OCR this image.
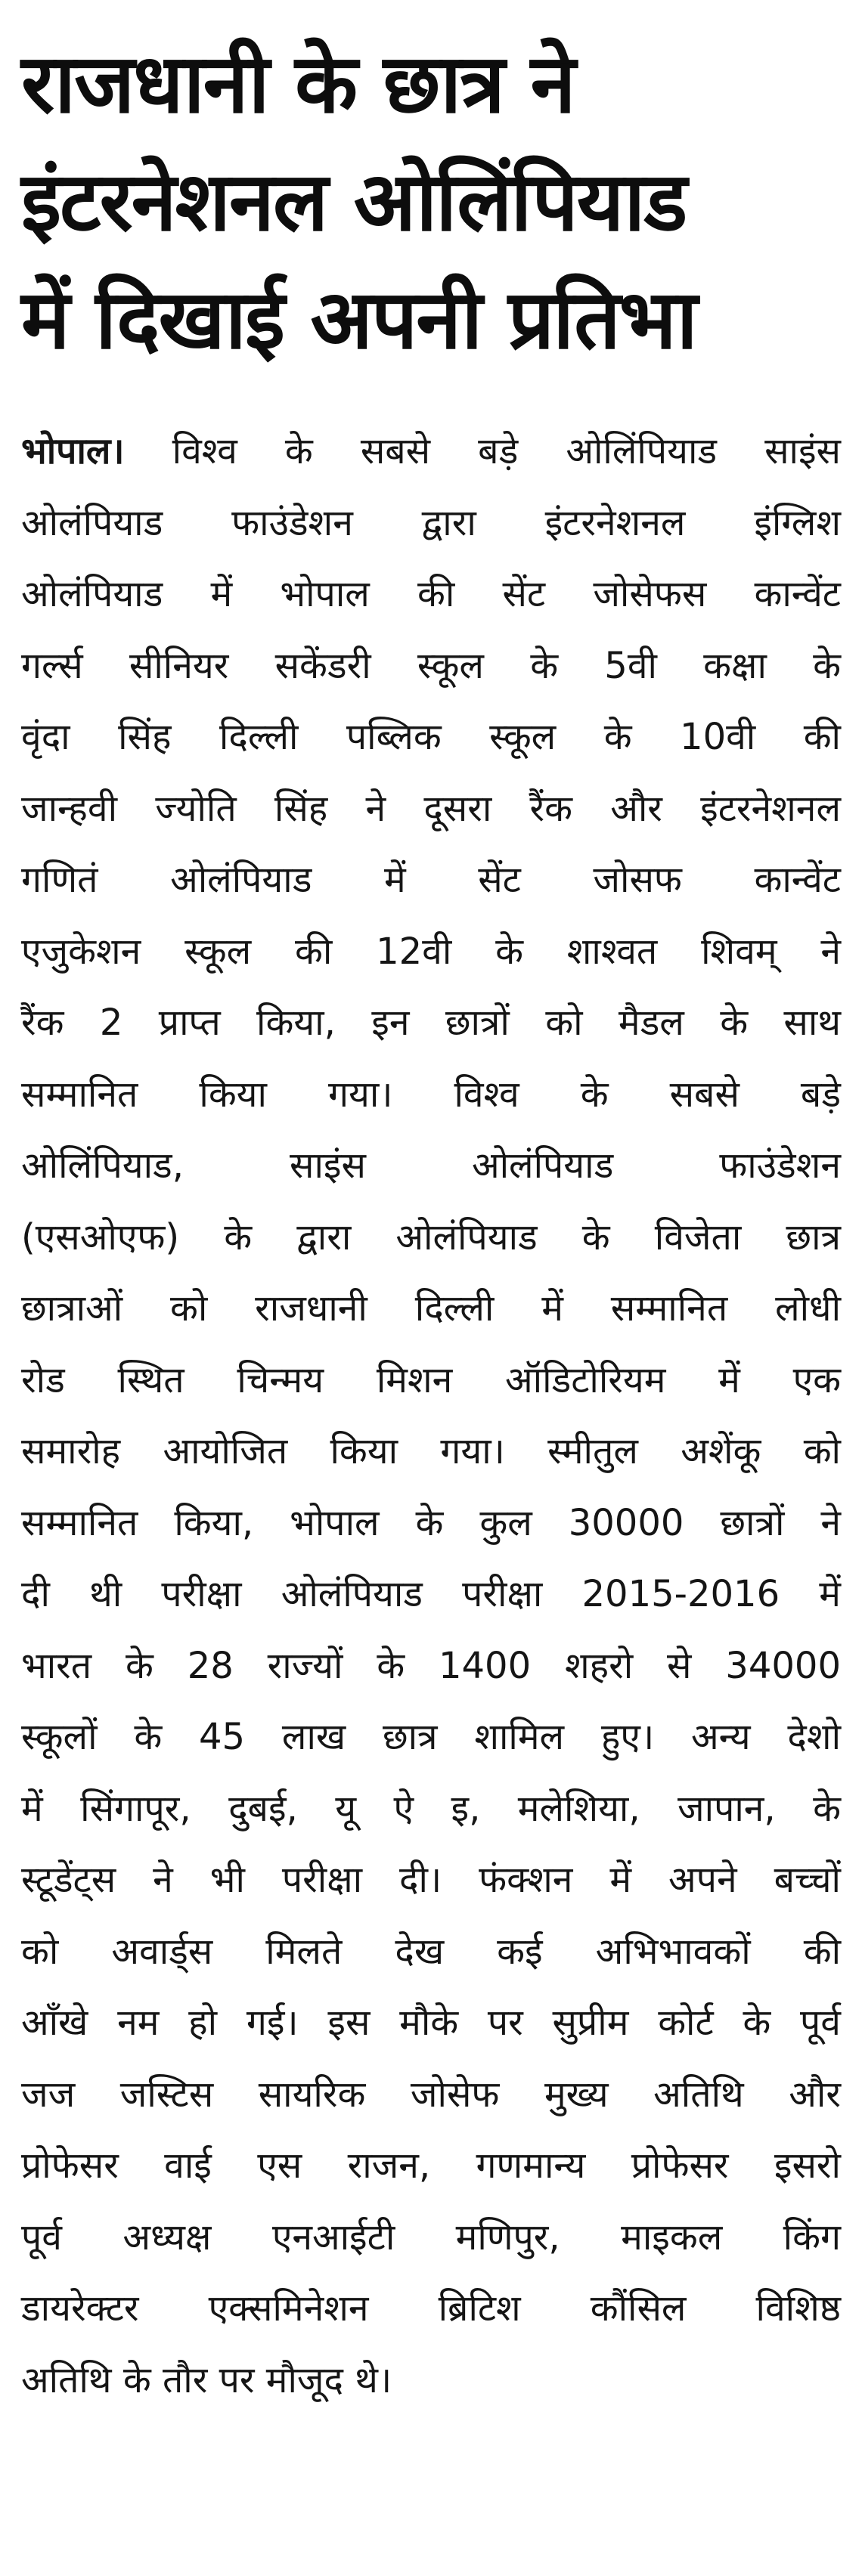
राजधानी के छात्र ने
इंटरनेशनल ओलिंपियाड
में दिखाई अपनी प्रतिभा
भोपाल। विश्व के सबसे बड़े ओलिंपियाड साइंस
ओलंपियाड फाउंडेशन द्वारा इंटरनेशनल इंग्लिश
ओलंपियाड में भोपाल की सेंट जोसेफस कान्वेंट
गर्ल्स सीनियर सकेंडरी स्कूल के 5वी कक्षा के
वृंदा सिंह दिल्ली पब्लिक स्कूल के 10वी की
जान्हवी ज्योति सिंह ने दूसरा रैंक और इंटरनेशनल
गणितं ओलंपियाड में सेंट जोसफ कान्वेंट
एजुकेशन स्कूल की 12वी के शाश्वत शिवम् ने
रैंक 2 प्राप्त किया, इन छात्रों को मैडल के साथ
सम्मानित किया गया। विश्व के सबसे बड़े
ओलिंपियाड, साइंस ओलंपियाड फाउंडेशन
(एसओएफ) के द्वारा ओलंपियाड के विजेता छात्र
छात्राओं को राजधानी दिल्ली में सम्मानित लोधी
रोड स्थित चिन्मय मिशन ऑडिटोरियम में एक
समारोह आयोजित किया गया। स्मीतुल अशेंकू को
सम्मानित किया, भोपाल के कुल 30000 छात्रों ने
दी थी परीक्षा ओलंपियाड परीक्षा 2015-2016 में
भारत के 28 राज्यों के 1400 शहरो से 34000
स्कूलों के 45 लाख छात्र शामिल हुए। अन्य देशो
में सिंगापूर, दुबई, यू ऐ इ, मलेशिया, जापान, के
स्टूडेंट्स ने भी परीक्षा दी। फंक्शन में अपने बच्चों
को अवार्ड्स मिलते देख कई अभिभावकों की
आँखे नम हो गई। इस मौके पर सुप्रीम कोर्ट के पूर्व
जज जस्टिस सायरिक जोसेफ मुख्य अतिथि और
प्रोफेसर वाई एस राजन, गणमान्य प्रोफेसर इसरो
पूर्व अध्यक्ष एनआईटी मणिपुर, माइकल किंग
डायरेक्टर एक्समिनेशन ब्रिटिश कौंसिल विशिष्ठ
अतिथि के तौर पर मौजूद थे।
